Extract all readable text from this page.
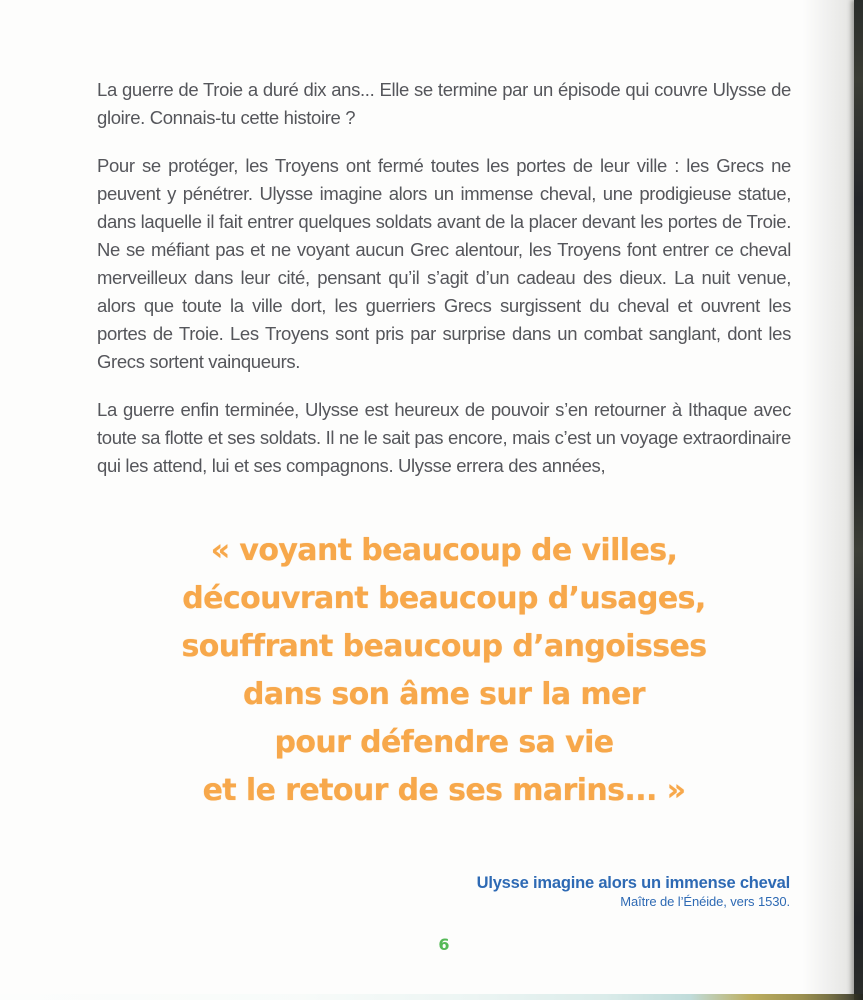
La guerre de Troie a duré dix ans... Elle se termine par un épisode qui couvre Ulysse de gloire. Connais-tu cette histoire ?

Pour se protéger, les Troyens ont fermé toutes les portes de leur ville : les Grecs ne peuvent y pénétrer. Ulysse imagine alors un immense cheval, une prodigieuse statue, dans laquelle il fait entrer quelques soldats avant de la placer devant les portes de Troie. Ne se méfiant pas et ne voyant aucun Grec alentour, les Troyens font entrer ce cheval merveilleux dans leur cité, pensant qu’il s’agit d’un cadeau des dieux. La nuit venue, alors que toute la ville dort, les guerriers Grecs surgissent du cheval et ouvrent les portes de Troie. Les Troyens sont pris par surprise dans un combat sanglant, dont les Grecs sortent vainqueurs.

La guerre enfin terminée, Ulysse est heureux de pouvoir s’en retourner à Ithaque avec toute sa flotte et ses soldats. Il ne le sait pas encore, mais c’est un voyage extraordinaire qui les attend, lui et ses compagnons. Ulysse errera des années,

« voyant beaucoup de villes,
découvrant beaucoup d’usages,
souffrant beaucoup d’angoisses
dans son âme sur la mer
pour défendre sa vie
et le retour de ses marins... »
Ulysse imagine alors un immense cheval
Maître de l’Énéide, vers 1530.
6
